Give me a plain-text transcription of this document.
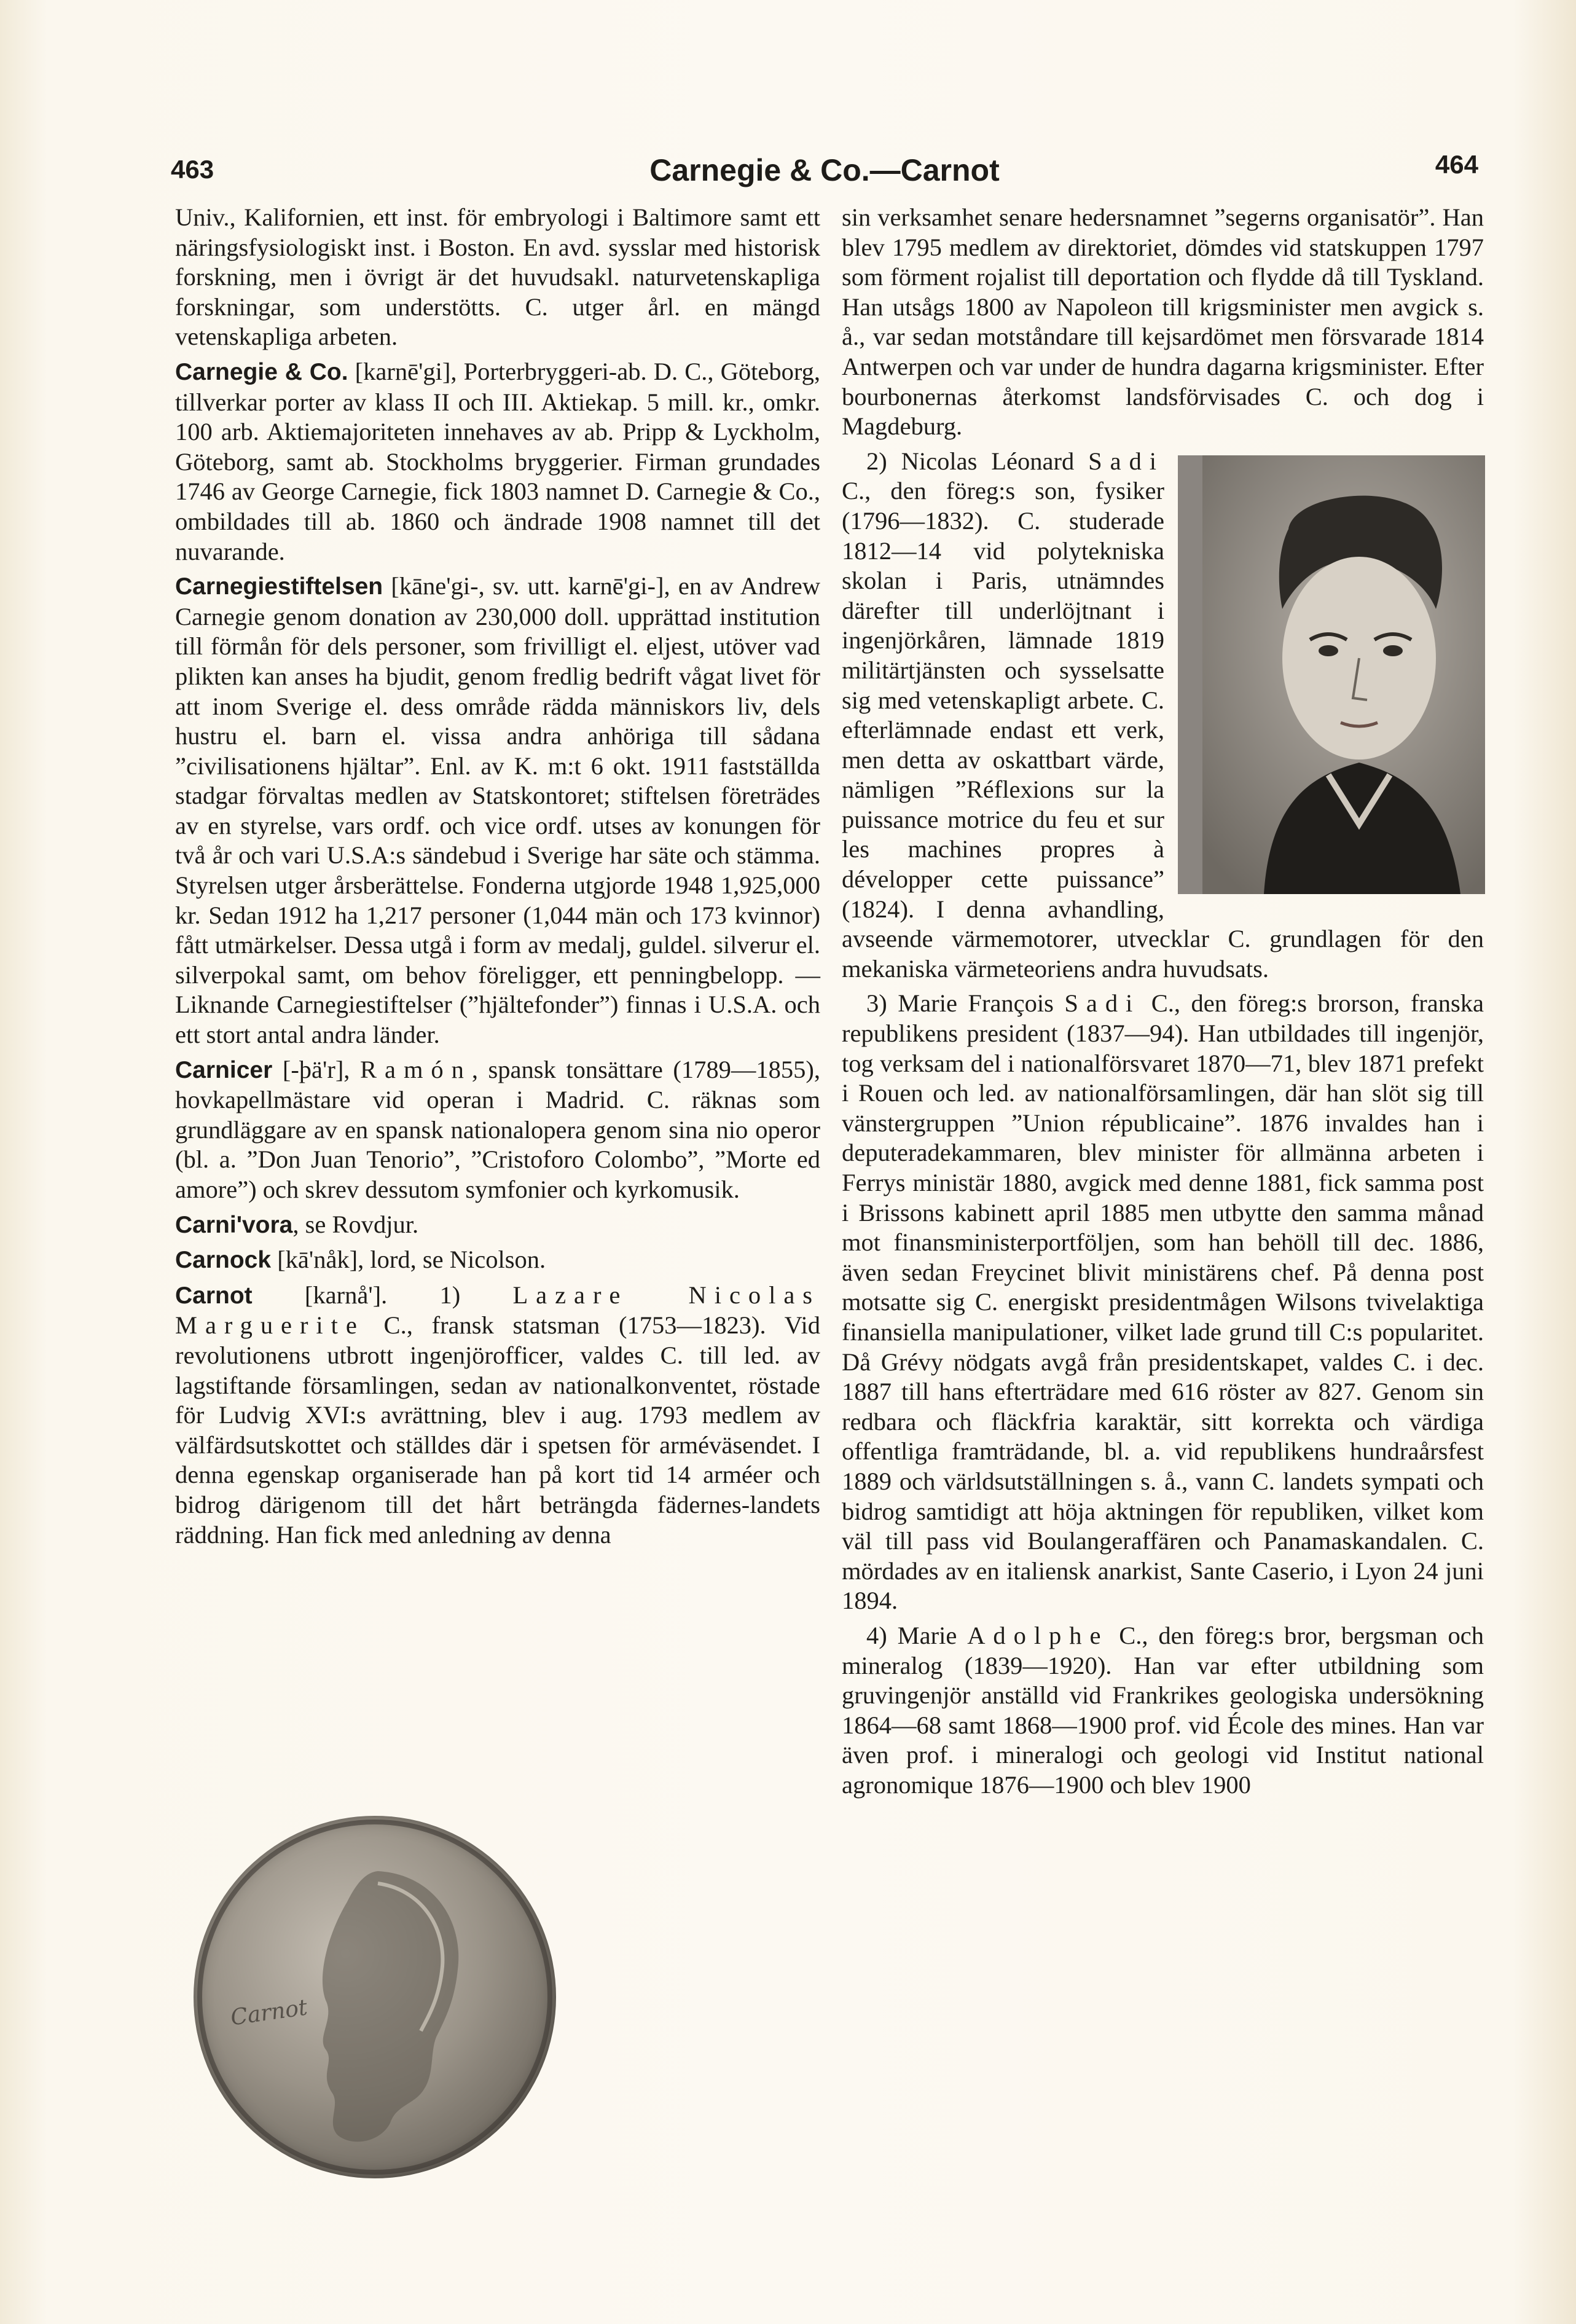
463	Carnegie & Co.—Carnot	464

Univ., Kalifornien, ett inst. för embryologi i Baltimore samt ett näringsfysiologiskt inst. i Boston. En avd. sysslar med historisk forskning, men i övrigt är det huvudsakl. naturvetenskapliga forskningar, som understötts. C. utger årl. en mängd vetenskapliga arbeten.

Carnegie & Co. [karnē'gi], Porterbryggeri-ab. D. C., Göteborg, tillverkar porter av klass II och III. Aktiekap. 5 mill. kr., omkr. 100 arb. Aktiemajoriteten innehaves av ab. Pripp & Lyckholm, Göteborg, samt ab. Stockholms bryggerier. Firman grundades 1746 av George Carnegie, fick 1803 namnet D. Carnegie & Co., ombildades till ab. 1860 och ändrade 1908 namnet till det nuvarande.

Carnegiestiftelsen [kāne'gi-, sv. utt. karnē'gi-], en av Andrew Carnegie genom donation av 230,000 doll. upprättad institution till förmån för dels personer, som frivilligt el. eljest, utöver vad plikten kan anses ha bjudit, genom fredlig bedrift vågat livet för att inom Sverige el. dess område rädda människors liv, dels hustru el. barn el. vissa andra anhöriga till sådana ”civilisationens hjältar”. Enl. av K. m:t 6 okt. 1911 fastställda stadgar förvaltas medlen av Statskontoret; stiftelsen företrädes av en styrelse, vars ordf. och vice ordf. utses av konungen för två år och vari U.S.A:s sändebud i Sverige har säte och stämma. Styrelsen utger årsberättelse. Fonderna utgjorde 1948 1,925,000 kr. Sedan 1912 ha 1,217 personer (1,044 män och 173 kvinnor) fått utmärkelser. Dessa utgå i form av medalj, guldel. silverur el. silverpokal samt, om behov föreligger, ett penningbelopp. — Liknande Carnegiestiftelser (”hjältefonder”) finnas i U.S.A. och ett stort antal andra länder.

Carnicer [-þä'r], Ramón, spansk tonsättare (1789—1855), hovkapellmästare vid operan i Madrid. C. räknas som grundläggare av en spansk nationalopera genom sina nio operor (bl. a. ”Don Juan Tenorio”, ”Cristoforo Colombo”, ”Morte ed amore”) och skrev dessutom symfonier och kyrkomusik.

Carni'vora, se Rovdjur.

Carnock [kā'nåk], lord, se Nicolson.

Carnot [karnå']. 1) Lazare Nicolas Marguerite C., fransk statsman (1753—1823). Vid revolutionens utbrott ingenjörofficer, valdes C. till led. av lagstiftande församlingen, sedan av nationalkonventet, röstade för Ludvig XVI:s avrättning, blev i aug. 1793 medlem av välfärdsutskottet och ställdes där i spetsen för arméväsendet. I denna egenskap organiserade han på kort tid 14 arméer och bidrog därigenom till det hårt beträngda fädernes-landets räddning. Han fick med anledning av denna

Carnot

sin verksamhet senare hedersnamnet ”segerns organisatör”. Han blev 1795 medlem av direktoriet, dömdes vid statskuppen 1797 som förment rojalist till deportation och flydde då till Tyskland. Han utsågs 1800 av Napoleon till krigsminister men avgick s. å., var sedan motståndare till kejsardömet men försvarade 1814 Antwerpen och var under de hundra dagarna krigsminister. Efter bourbonernas återkomst landsförvisades C. och dog i Magdeburg.

2) Nicolas Léonard Sadi C., den föreg:s son, fysiker (1796—1832). C. studerade 1812—14 vid polytekniska skolan i Paris, utnämndes därefter till underlöjtnant i ingenjörkåren, lämnade 1819 militärtjänsten och sysselsatte sig med vetenskapligt arbete. C. efterlämnade endast ett verk, men detta av oskattbart värde, nämligen ”Réflexions sur la puissance motrice du feu et sur les machines propres à développer cette puissance” (1824). I denna avhandling, avseende värmemotorer, utvecklar C. grundlagen för den mekaniska värmeteoriens andra huvudsats.

3) Marie François Sadi C., den föreg:s brorson, franska republikens president (1837—94). Han utbildades till ingenjör, tog verksam del i nationalförsvaret 1870—71, blev 1871 prefekt i Rouen och led. av nationalförsamlingen, där han slöt sig till vänstergruppen ”Union républicaine”. 1876 invaldes han i deputeradekammaren, blev minister för allmänna arbeten i Ferrys ministär 1880, avgick med denne 1881, fick samma post i Brissons kabinett april 1885 men utbytte den samma månad mot finansministerportföljen, som han behöll till dec. 1886, även sedan Freycinet blivit ministärens chef. På denna post motsatte sig C. energiskt presidentmågen Wilsons tvivelaktiga finansiella manipulationer, vilket lade grund till C:s popularitet. Då Grévy nödgats avgå från presidentskapet, valdes C. i dec. 1887 till hans efterträdare med 616 röster av 827. Genom sin redbara och fläckfria karaktär, sitt korrekta och värdiga offentliga framträdande, bl. a. vid republikens hundraårsfest 1889 och världsutställningen s. å., vann C. landets sympati och bidrog samtidigt att höja aktningen för republiken, vilket kom väl till pass vid Boulangeraffären och Panamaskandalen. C. mördades av en italiensk anarkist, Sante Caserio, i Lyon 24 juni 1894.

4) Marie Adolphe C., den föreg:s bror, bergsman och mineralog (1839—1920). Han var efter utbildning som gruvingenjör anställd vid Frankrikes geologiska undersökning 1864—68 samt 1868—1900 prof. vid École des mines. Han var även prof. i mineralogi och geologi vid Institut national agronomique 1876—1900 och blev 1900
